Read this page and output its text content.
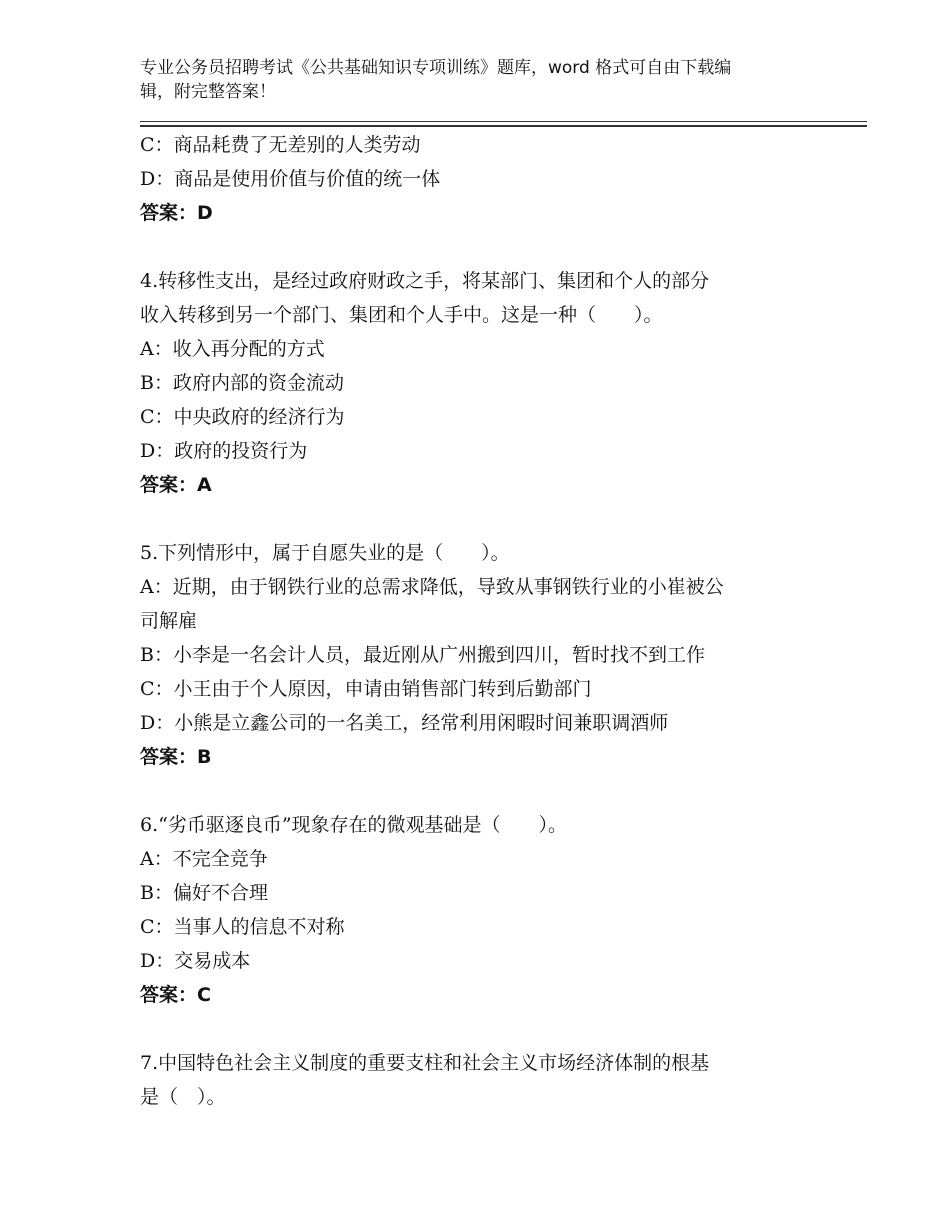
专业公务员招聘考试《公共基础知识专项训练》题库，word 格式可自由下载编
辑，附完整答案！
C：商品耗费了无差别的人类劳动
D：商品是使用价值与价值的统一体
答案：D
4.转移性支出，是经过政府财政之手，将某部门、集团和个人的部分
收入转移到另一个部门、集团和个人手中。这是一种（　　）。
A：收入再分配的方式
B：政府内部的资金流动
C：中央政府的经济行为
D：政府的投资行为
答案：A
5.下列情形中，属于自愿失业的是（　　）。
A：近期，由于钢铁行业的总需求降低，导致从事钢铁行业的小崔被公
司解雇
B：小李是一名会计人员，最近刚从广州搬到四川，暂时找不到工作
C：小王由于个人原因，申请由销售部门转到后勤部门
D：小熊是立鑫公司的一名美工，经常利用闲暇时间兼职调酒师
答案：B
6.“劣币驱逐良币”现象存在的微观基础是（　　）。
A：不完全竞争
B：偏好不合理
C：当事人的信息不对称
D：交易成本
答案：C
7.中国特色社会主义制度的重要支柱和社会主义市场经济体制的根基
是（　）。
